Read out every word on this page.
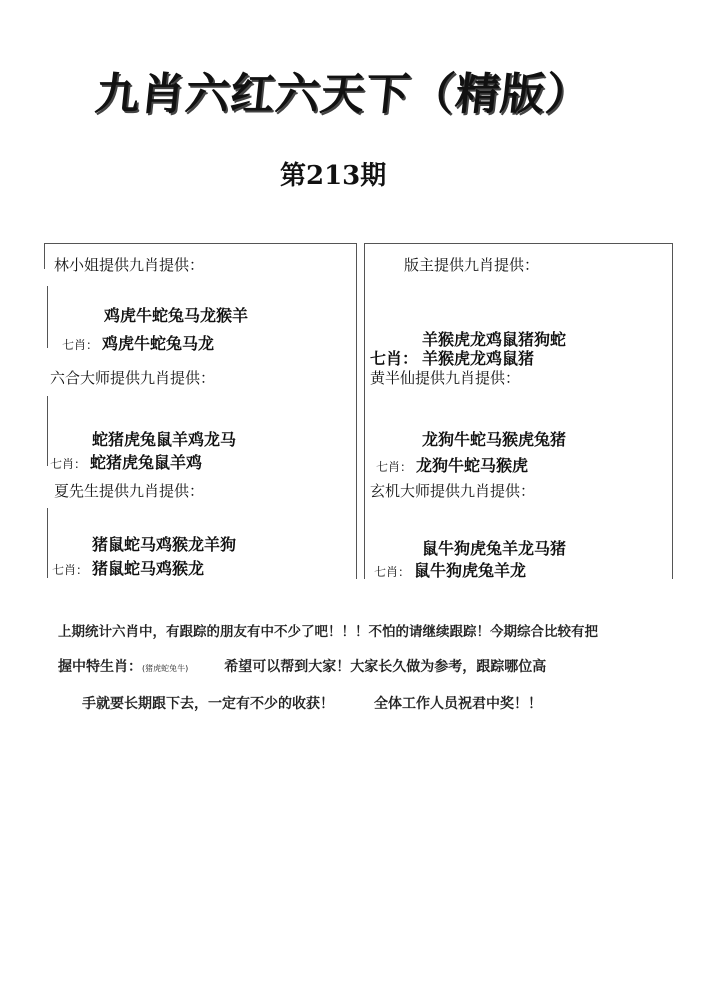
九肖六红六天下（精版）
第213期
林小姐提供九肖提供：
鸡虎牛蛇兔马龙猴羊
七肖： 鸡虎牛蛇兔马龙
版主提供九肖提供：
羊猴虎龙鸡鼠猪狗蛇
七肖： 羊猴虎龙鸡鼠猪
六合大师提供九肖提供：
蛇猪虎兔鼠羊鸡龙马
七肖： 蛇猪虎兔鼠羊鸡
黄半仙提供九肖提供：
龙狗牛蛇马猴虎兔猪
七肖： 龙狗牛蛇马猴虎
夏先生提供九肖提供：
猪鼠蛇马鸡猴龙羊狗
七肖： 猪鼠蛇马鸡猴龙
玄机大师提供九肖提供：
鼠牛狗虎兔羊龙马猪
七肖： 鼠牛狗虎兔羊龙
上期统计六肖中，有跟踪的朋友有中不少了吧！！！不怕的请继续跟踪！今期综合比较有把
握中特生肖：(猪虎蛇兔牛)	希望可以帮到大家！大家长久做为参考，跟踪哪位高
手就要长期跟下去，一定有不少的收获！	全体工作人员祝君中奖！！
